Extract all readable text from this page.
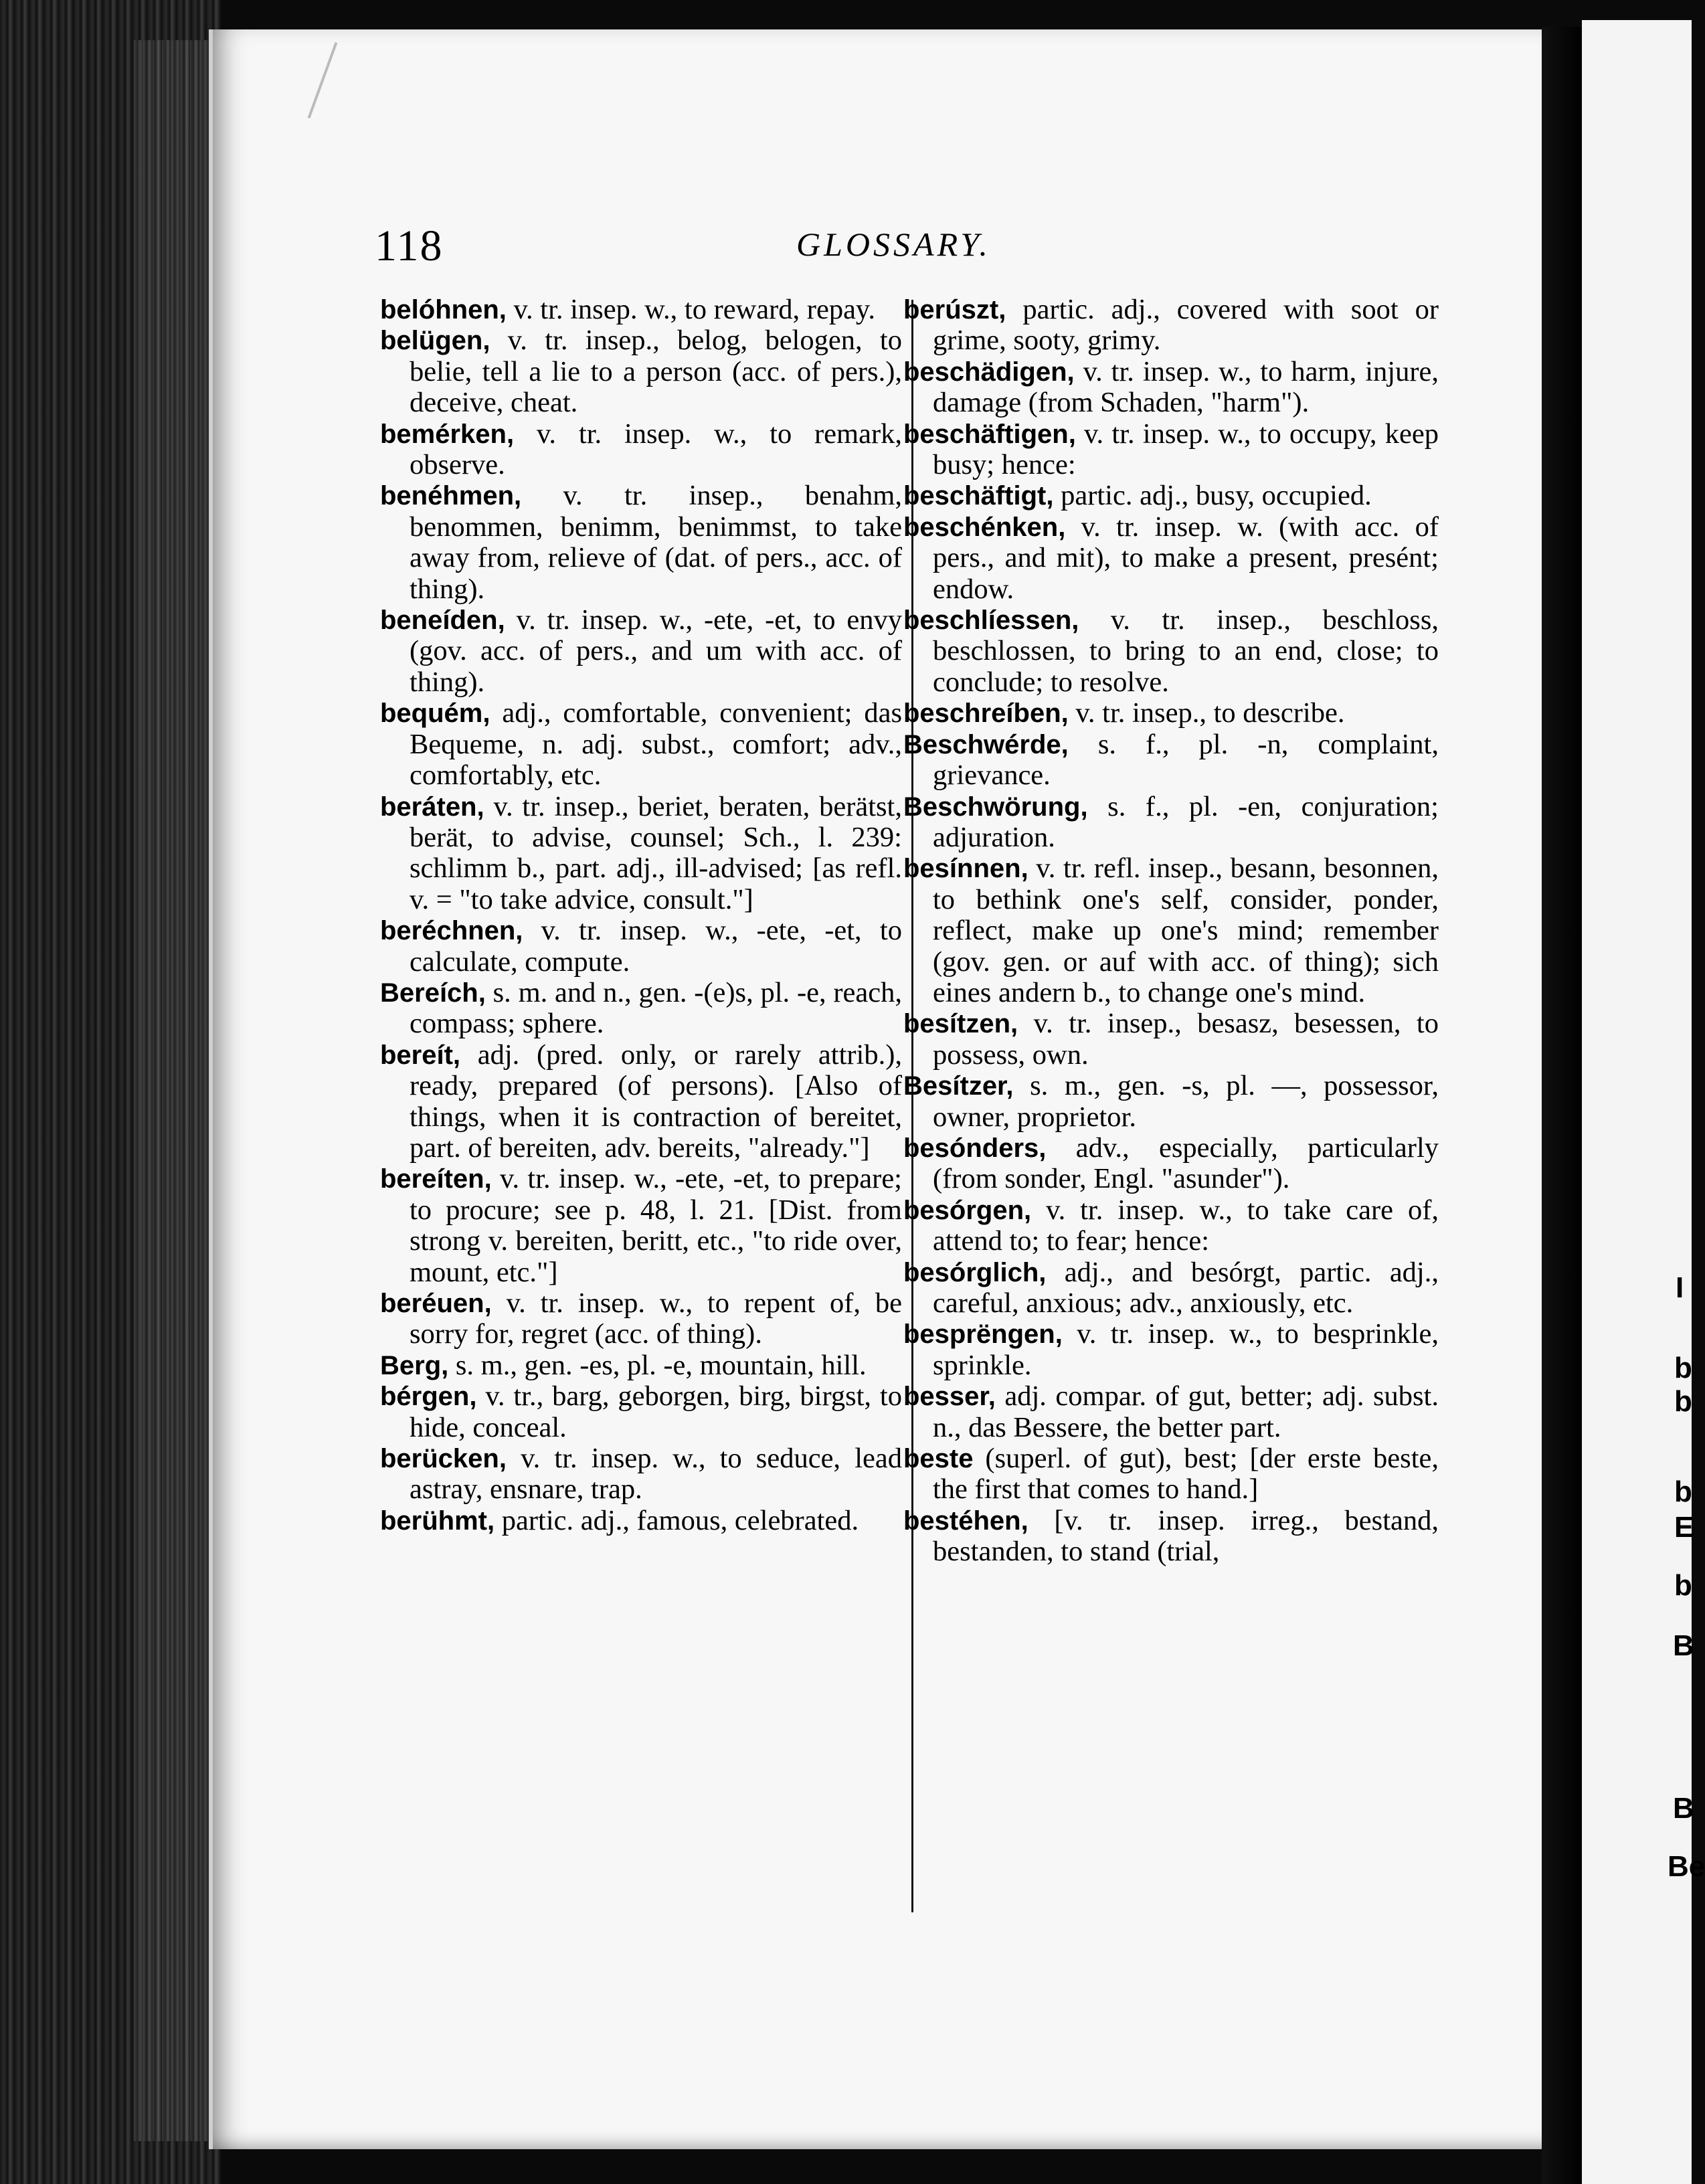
I
b
b
b
E
b
B
B
Be
118	GLOSSARY.

belóhnen, v. tr. insep. w., to reward, repay.

belügen, v. tr. insep., belog, belogen, to belie, tell a lie to a person (acc. of pers.), deceive, cheat.

bemérken, v. tr. insep. w., to remark, observe.

benéhmen, v. tr. insep., benahm, benommen, benimm, benimmst, to take away from, relieve of (dat. of pers., acc. of thing).

beneíden, v. tr. insep. w., -ete, -et, to envy (gov. acc. of pers., and um with acc. of thing).

bequém, adj., comfortable, convenient; das Bequeme, n. adj. subst., comfort; adv., comfortably, etc.

beráten, v. tr. insep., beriet, beraten, berätst, berät, to advise, counsel; Sch., l. 239: schlimm b., part. adj., ill-advised; [as refl. v. = "to take advice, consult."]

beréchnen, v. tr. insep. w., -ete, -et, to calculate, compute.

Bereích, s. m. and n., gen. -(e)s, pl. -e, reach, compass; sphere.

bereít, adj. (pred. only, or rarely attrib.), ready, prepared (of persons). [Also of things, when it is contraction of bereitet, part. of bereiten, adv. bereits, "already."]

bereíten, v. tr. insep. w., -ete, -et, to prepare; to procure; see p. 48, l. 21. [Dist. from strong v. bereiten, beritt, etc., "to ride over, mount, etc."]

beréuen, v. tr. insep. w., to repent of, be sorry for, regret (acc. of thing).

Berg, s. m., gen. -es, pl. -e, mountain, hill.

bérgen, v. tr., barg, geborgen, birg, birgst, to hide, conceal.

berücken, v. tr. insep. w., to seduce, lead astray, ensnare, trap.

berühmt, partic. adj., famous, celebrated.

berúszt, partic. adj., covered with soot or grime, sooty, grimy.

beschädigen, v. tr. insep. w., to harm, injure, damage (from Schaden, "harm").

beschäftigen, v. tr. insep. w., to occupy, keep busy; hence:

beschäftigt, partic. adj., busy, occupied.

beschénken, v. tr. insep. w. (with acc. of pers., and mit), to make a present, presént; endow.

beschlíessen, v. tr. insep., beschloss, beschlossen, to bring to an end, close; to conclude; to resolve.

beschreíben, v. tr. insep., to describe.

Beschwérde, s. f., pl. -n, complaint, grievance.

Beschwörung, s. f., pl. -en, conjuration; adjuration.

besínnen, v. tr. refl. insep., besann, besonnen, to bethink one's self, consider, ponder, reflect, make up one's mind; remember (gov. gen. or auf with acc. of thing); sich eines andern b., to change one's mind.

besítzen, v. tr. insep., besasz, besessen, to possess, own.

Besítzer, s. m., gen. -s, pl. —, possessor, owner, proprietor.

besónders, adv., especially, particularly (from sonder, Engl. "asunder").

besórgen, v. tr. insep. w., to take care of, attend to; to fear; hence:

besórglich, adj., and besórgt, partic. adj., careful, anxious; adv., anxiously, etc.

besprëngen, v. tr. insep. w., to besprinkle, sprinkle.

besser, adj. compar. of gut, better; adj. subst. n., das Bessere, the better part.

beste (superl. of gut), best; [der erste beste, the first that comes to hand.]

bestéhen, [v. tr. insep. irreg., bestand, bestanden, to stand (trial,
